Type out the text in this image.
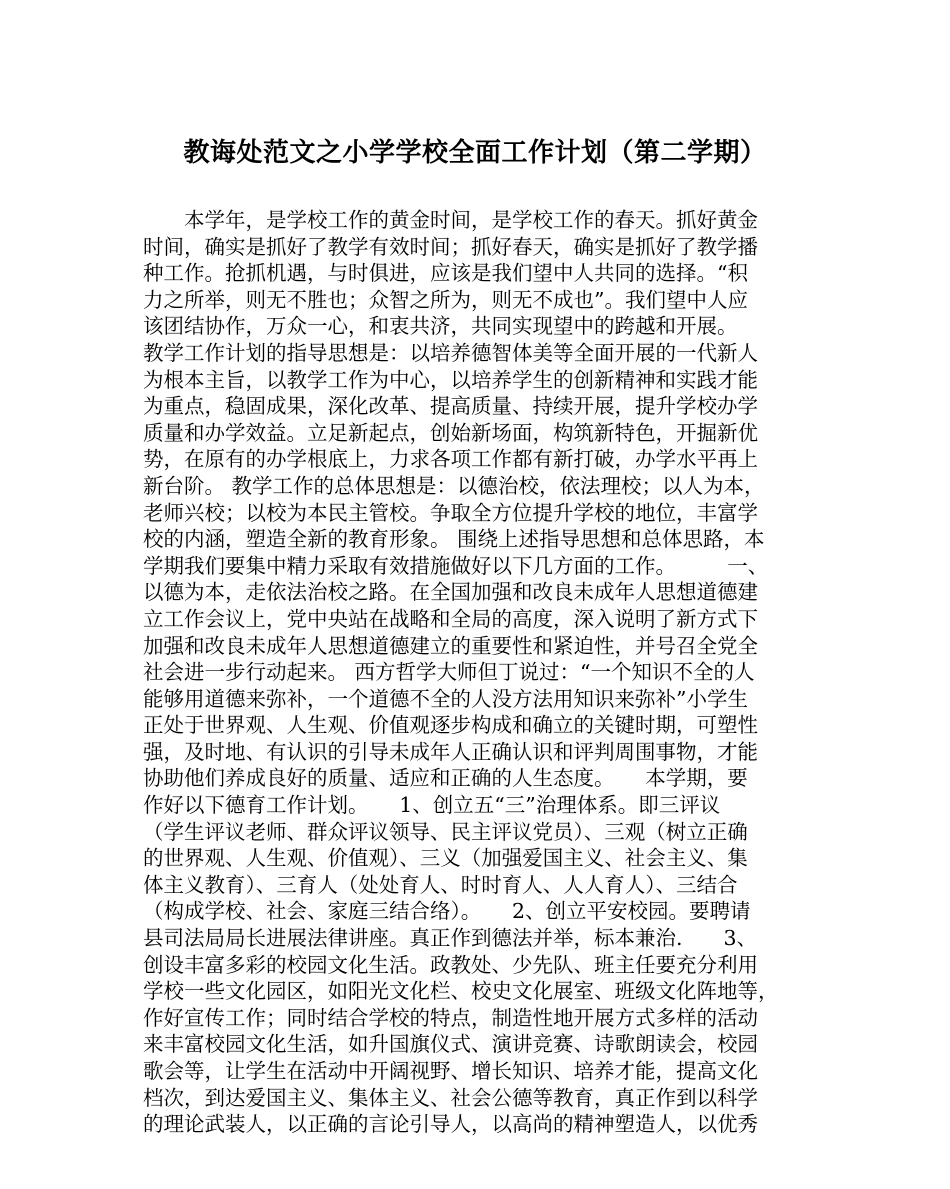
教诲处范文之小学学校全面工作计划（第二学期）
　　本学年，是学校工作的黄金时间，是学校工作的春天。抓好黄金
时间，确实是抓好了教学有效时间；抓好春天，确实是抓好了教学播
种工作。抢抓机遇，与时俱进，应该是我们望中人共同的选择。“积
力之所举，则无不胜也；众智之所为，则无不成也”。我们望中人应
该团结协作，万众一心，和衷共济，共同实现望中的跨越和开展。
教学工作计划的指导思想是：以培养德智体美等全面开展的一代新人
为根本主旨，以教学工作为中心，以培养学生的创新精神和实践才能
为重点，稳固成果，深化改革、提高质量、持续开展，提升学校办学
质量和办学效益。立足新起点，创始新场面，构筑新特色，开掘新优
势，在原有的办学根底上，力求各项工作都有新打破，办学水平再上
新台阶。 教学工作的总体思想是：以德治校，依法理校；以人为本，
老师兴校；以校为本民主管校。争取全方位提升学校的地位，丰富学
校的内涵，塑造全新的教育形象。 围绕上述指导思想和总体思路，本
学期我们要集中精力采取有效措施做好以下几方面的工作。　　　一、
以德为本，走依法治校之路。在全国加强和改良未成年人思想道德建
立工作会议上，党中央站在战略和全局的高度，深入说明了新方式下
加强和改良未成年人思想道德建立的重要性和紧迫性，并号召全党全
社会进一步行动起来。 西方哲学大师但丁说过：“一个知识不全的人
能够用道德来弥补，一个道德不全的人没方法用知识来弥补”小学生
正处于世界观、人生观、价值观逐步构成和确立的关键时期，可塑性
强，及时地、有认识的引导未成年人正确认识和评判周围事物，才能
协助他们养成良好的质量、适应和正确的人生态度。　　本学期，要
作好以下德育工作计划。　　1、创立五“三”治理体系。即三评议
（学生评议老师、群众评议领导、民主评议党员）、三观（树立正确
的世界观、人生观、价值观）、三义（加强爱国主义、社会主义、集
体主义教育）、三育人（处处育人、时时育人、人人育人）、三结合
（构成学校、社会、家庭三结合络）。　　2、创立平安校园。要聘请
县司法局局长进展法律讲座。真正作到德法并举，标本兼治.　　3、
创设丰富多彩的校园文化生活。政教处、少先队、班主任要充分利用
学校一些文化园区，如阳光文化栏、校史文化展室、班级文化阵地等，
作好宣传工作；同时结合学校的特点，制造性地开展方式多样的活动
来丰富校园文化生活，如升国旗仪式、演讲竞赛、诗歌朗读会，校园
歌会等，让学生在活动中开阔视野、增长知识、培养才能，提高文化
档次，到达爱国主义、集体主义、社会公德等教育，真正作到以科学
的理论武装人，以正确的言论引导人，以高尚的精神塑造人，以优秀
